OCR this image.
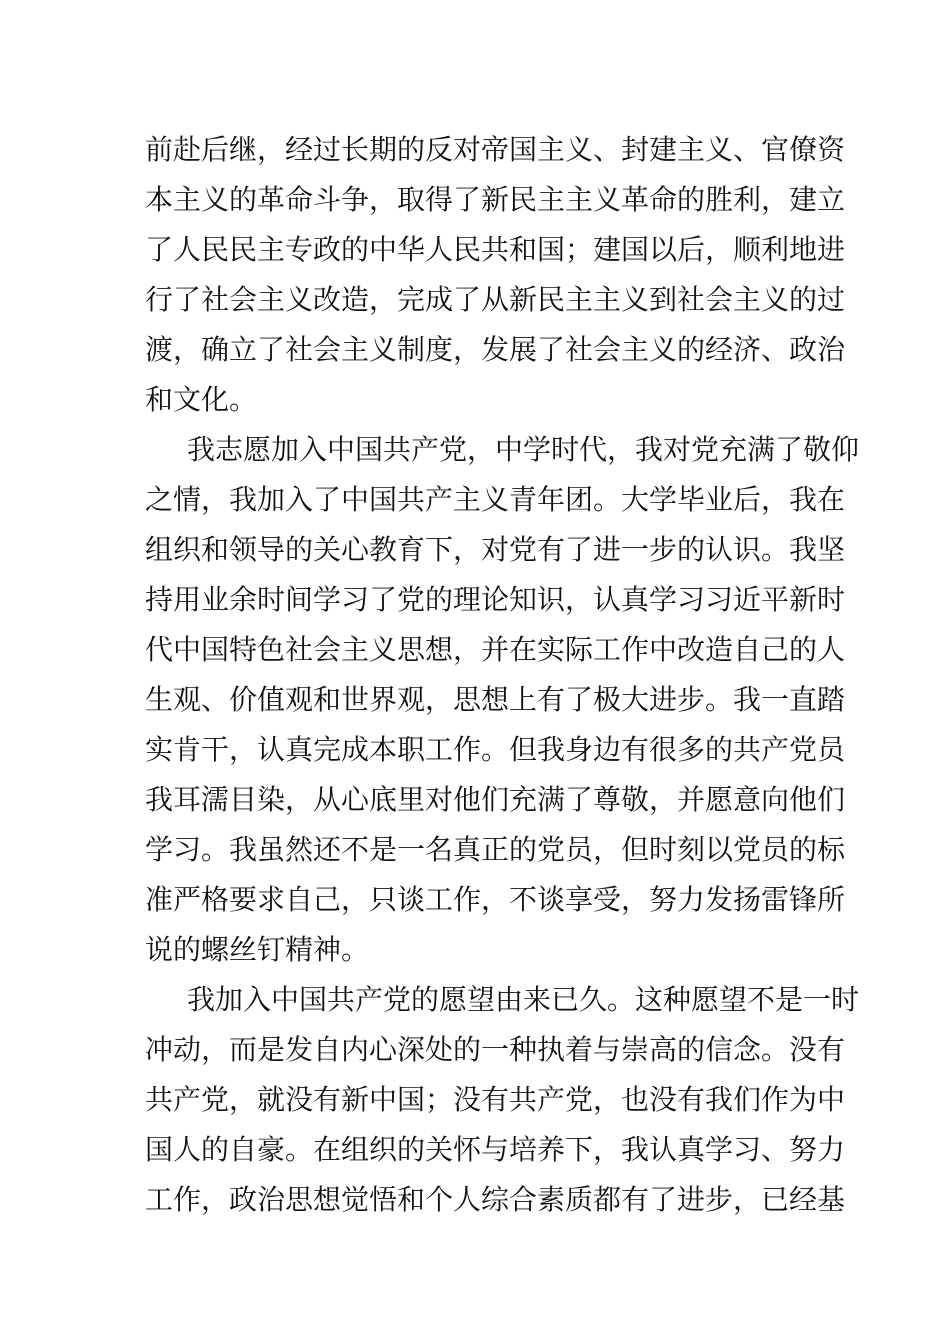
前赴后继，经过长期的反对帝国主义、封建主义、官僚资
本主义的革命斗争，取得了新民主主义革命的胜利，建立
了人民民主专政的中华人民共和国；建国以后，顺利地进
行了社会主义改造，完成了从新民主主义到社会主义的过
渡，确立了社会主义制度，发展了社会主义的经济、政治
和文化。
我志愿加入中国共产党，中学时代，我对党充满了敬仰
之情，我加入了中国共产主义青年团。大学毕业后，我在
组织和领导的关心教育下，对党有了进一步的认识。我坚
持用业余时间学习了党的理论知识，认真学习习近平新时
代中国特色社会主义思想，并在实际工作中改造自己的人
生观、价值观和世界观，思想上有了极大进步。我一直踏
实肯干，认真完成本职工作。但我身边有很多的共产党员
我耳濡目染，从心底里对他们充满了尊敬，并愿意向他们
学习。我虽然还不是一名真正的党员，但时刻以党员的标
准严格要求自己，只谈工作，不谈享受，努力发扬雷锋所
说的螺丝钉精神。
我加入中国共产党的愿望由来已久。这种愿望不是一时
冲动，而是发自内心深处的一种执着与崇高的信念。没有
共产党，就没有新中国；没有共产党，也没有我们作为中
国人的自豪。在组织的关怀与培养下，我认真学习、努力
工作，政治思想觉悟和个人综合素质都有了进步，已经基
